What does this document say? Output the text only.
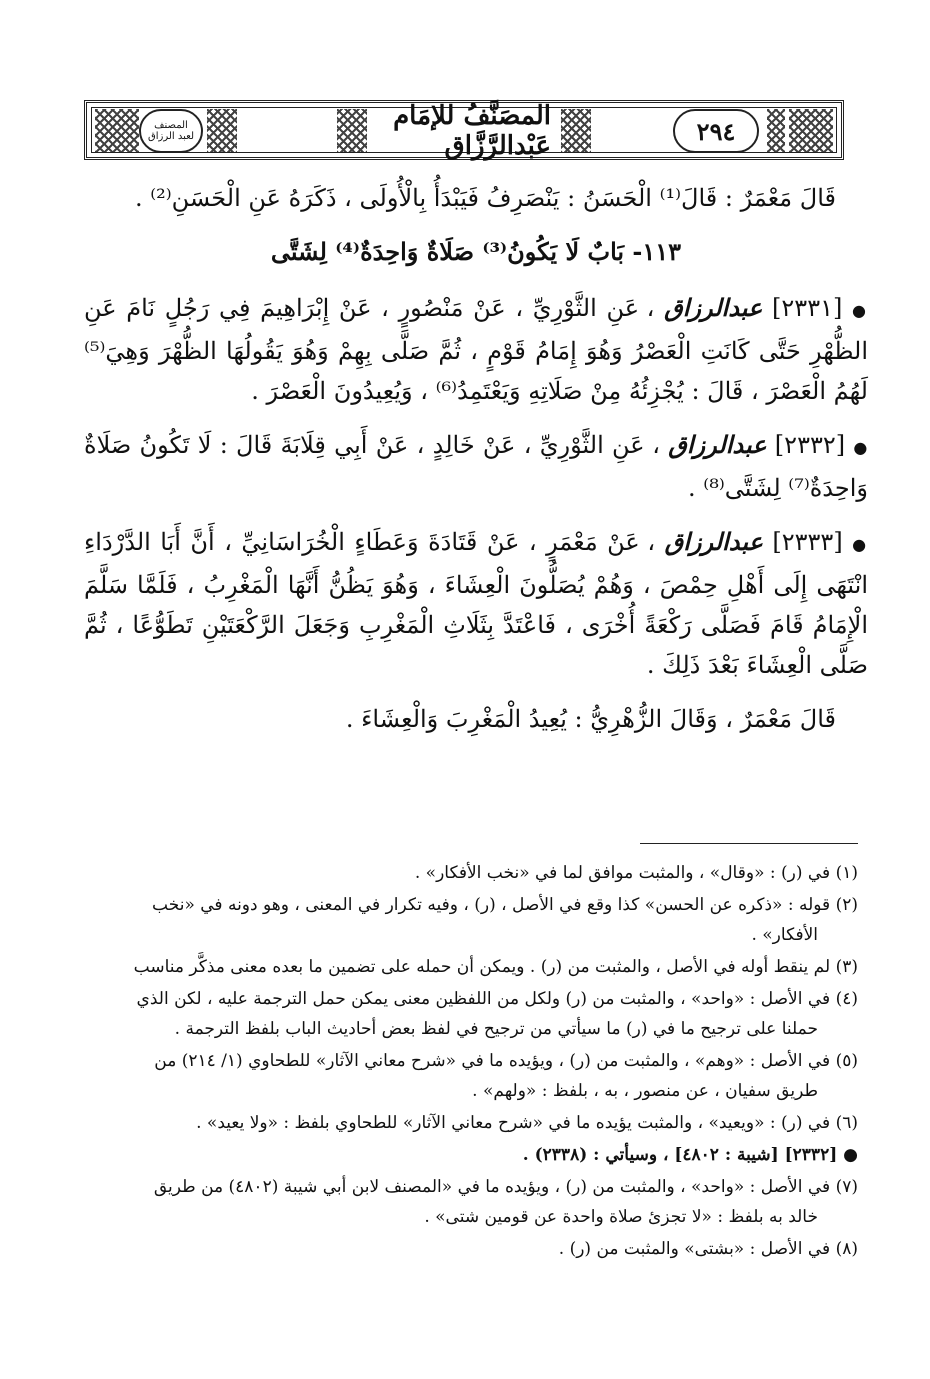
٢٩٤
المصَنَّفُ للإمَام عَبْدالرَّزَّاق
المصنف
لعبد الرزاق

قَالَ مَعْمَرٌ : قَالَ⁽¹⁾ الْحَسَنُ : يَنْصَرِفُ فَيَبْدَأُ بِالْأُولَى ، ذَكَرَهُ عَنِ الْحَسَنِ⁽²⁾ .

١١٣- بَابٌ لَا يَكُونُ⁽³⁾ صَلَاةٌ وَاحِدَةٌ⁽⁴⁾ لِشَتَّى

● [٢٣٣١] عبدالرزاق ، عَنِ الثَّوْرِيِّ ، عَنْ مَنْصُورٍ ، عَنْ إِبْرَاهِيمَ فِي رَجُلٍ نَامَ عَنِ الظُّهْرِ حَتَّى كَانَتِ الْعَصْرُ وَهُوَ إِمَامُ قَوْمٍ ، ثُمَّ صَلَّى بِهِمْ وَهُوَ يَقُولُهَا الظُّهْرَ وَهِيَ⁽⁵⁾ لَهُمُ الْعَصْرَ ، قَالَ : يُجْزِئُهُ مِنْ صَلَاتِهِ وَيَعْتَمِدُ⁽⁶⁾ ، وَيُعِيدُونَ الْعَصْرَ .

● [٢٣٣٢] عبدالرزاق ، عَنِ الثَّوْرِيِّ ، عَنْ خَالِدٍ ، عَنْ أَبِي قِلَابَةَ قَالَ : لَا تَكُونُ صَلَاةٌ وَاحِدَةٌ⁽⁷⁾ لِشَتَّى⁽⁸⁾ .

● [٢٣٣٣] عبدالرزاق ، عَنْ مَعْمَرٍ ، عَنْ قَتَادَةَ وَعَطَاءٍ الْخُرَاسَانِيِّ ، أَنَّ أَبَا الدَّرْدَاءِ انْتَهَى إِلَى أَهْلِ حِمْصَ ، وَهُمْ يُصَلُّونَ الْعِشَاءَ ، وَهُوَ يَظُنُّ أَنَّهَا الْمَغْرِبُ ، فَلَمَّا سَلَّمَ الْإِمَامُ قَامَ فَصَلَّى رَكْعَةً أُخْرَى ، فَاعْتَدَّ بِثَلَاثِ الْمَغْرِبِ وَجَعَلَ الرَّكْعَتَيْنِ تَطَوُّعًا ، ثُمَّ صَلَّى الْعِشَاءَ بَعْدَ ذَلِكَ .

قَالَ مَعْمَرٌ ، وَقَالَ الزُّهْرِيُّ : يُعِيدُ الْمَغْرِبَ وَالْعِشَاءَ .

(١) في (ر) : «وقال» ، والمثبت موافق لما في «نخب الأفكار» .

(٢) قوله : «ذكره عن الحسن» كذا وقع في الأصل ، (ر) ، وفيه تكرار في المعنى ، وهو دونه في «نخب
الأفكار» .

(٣) لم ينقط أوله في الأصل ، والمثبت من (ر) . ويمكن أن حمله على تضمين ما بعده معنى مذكَّر مناسب

(٤) في الأصل : «واحد» ، والمثبت من (ر) ولكل من اللفظين معنى يمكن حمل الترجمة عليه ، لكن الذي
حملنا على ترجيح ما في (ر) ما سيأتي من ترجيح في لفظ بعض أحاديث الباب بلفظ الترجمة .

(٥) في الأصل : «وهم» ، والمثبت من (ر) ، ويؤيده ما في «شرح معاني الآثار» للطحاوي (١/ ٢١٤) من
طريق سفيان ، عن منصور ، به ، بلفظ : «ولهم» .

(٦) في (ر) : «ويعيد» ، والمثبت يؤيده ما في «شرح معاني الآثار» للطحاوي بلفظ : «ولا يعيد» .

● [٢٣٣٢] [شيبة : ٤٨٠٢] ، وسيأتي : (٢٣٣٨) .

(٧) في الأصل : «واحد» ، والمثبت من (ر) ، ويؤيده ما في «المصنف لابن أبي شيبة (٤٨٠٢) من طريق
خالد به بلفظ : «لا تجزئ صلاة واحدة عن قومين شتى» .

(٨) في الأصل : «بشتى» والمثبت من (ر) .
